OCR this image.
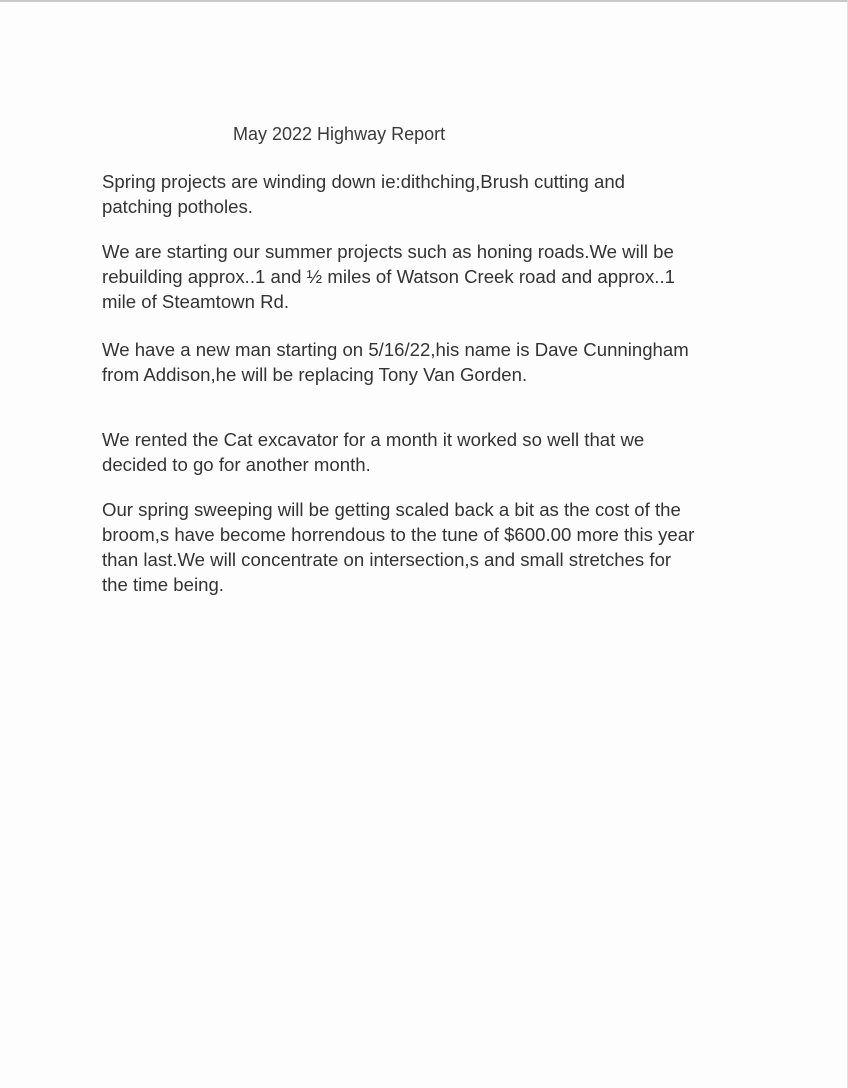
May 2022 Highway Report

Spring projects are winding down ie:dithching,Brush cutting and
patching potholes.

We are starting our summer projects such as honing roads.We will be
rebuilding approx..1 and ½ miles of Watson Creek road and approx..1
mile of Steamtown Rd.

We have a new man starting on 5/16/22,his name is Dave Cunningham
from Addison,he will be replacing Tony Van Gorden.

We rented the Cat excavator for a month it worked so well that we
decided to go for another month.

Our spring sweeping will be getting scaled back a bit as the cost of the
broom,s have become horrendous to the tune of $600.00 more this year
than last.We will concentrate on intersection,s and small stretches for
the time being.
